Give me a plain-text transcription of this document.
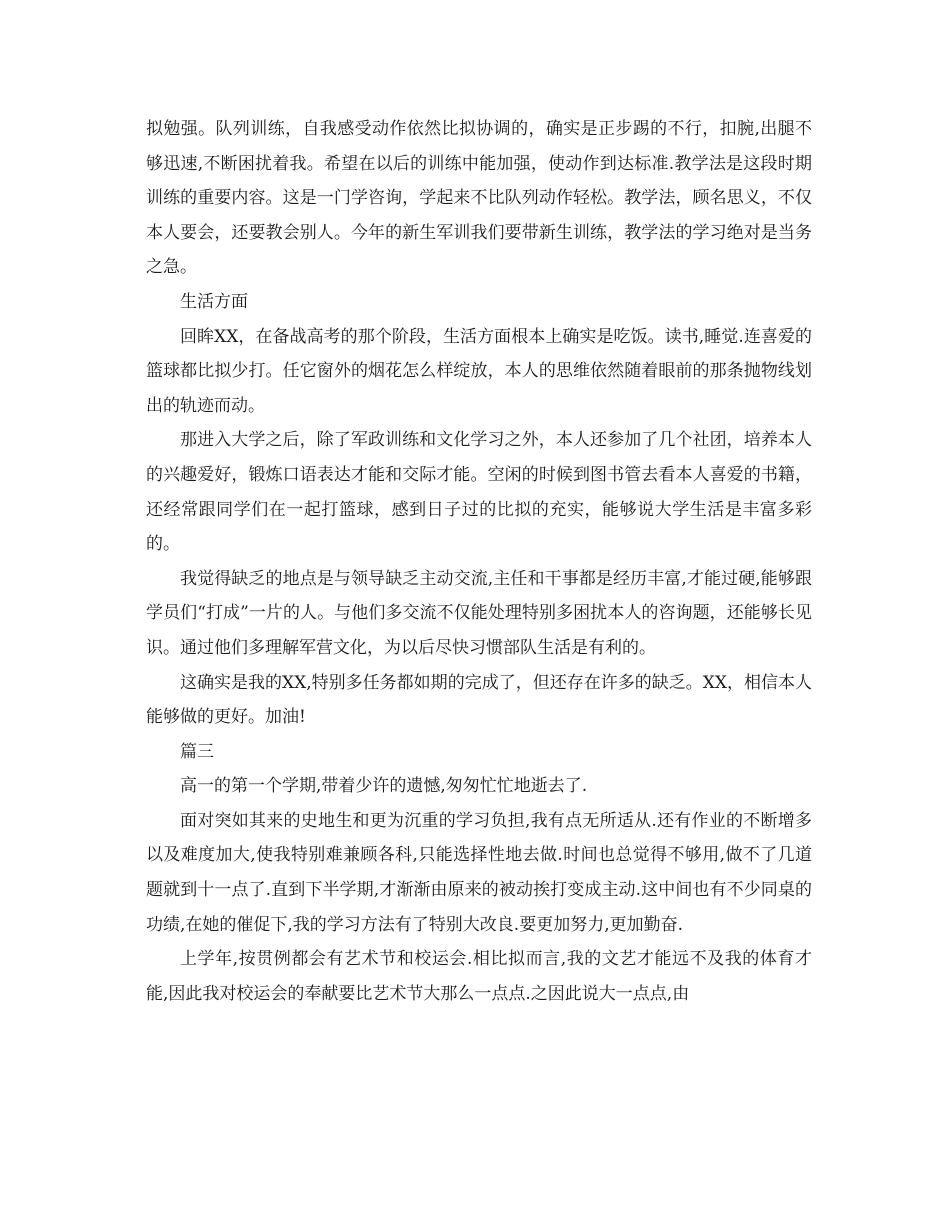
拟勉强。队列训练，自我感受动作依然比拟协调的，确实是正步踢的不行，扣腕,出腿不够迅速,不断困扰着我。希望在以后的训练中能加强，使动作到达标准.教学法是这段时期训练的重要内容。这是一门学咨询，学起来不比队列动作轻松。教学法，顾名思义，不仅本人要会，还要教会别人。今年的新生军训我们要带新生训练，教学法的学习绝对是当务之急。

生活方面

回眸XX，在备战高考的那个阶段，生活方面根本上确实是吃饭。读书,睡觉.连喜爱的篮球都比拟少打。任它窗外的烟花怎么样绽放，本人的思维依然随着眼前的那条抛物线划出的轨迹而动。

那进入大学之后，除了军政训练和文化学习之外，本人还参加了几个社团，培养本人的兴趣爱好，锻炼口语表达才能和交际才能。空闲的时候到图书管去看本人喜爱的书籍，还经常跟同学们在一起打篮球，感到日子过的比拟的充实，能够说大学生活是丰富多彩的。

我觉得缺乏的地点是与领导缺乏主动交流,主任和干事都是经历丰富,才能过硬,能够跟学员们“打成”一片的人。与他们多交流不仅能处理特别多困扰本人的咨询题，还能够长见识。通过他们多理解军营文化，为以后尽快习惯部队生活是有利的。

这确实是我的XX,特别多任务都如期的完成了，但还存在许多的缺乏。XX，相信本人能够做的更好。加油!

篇三

高一的第一个学期,带着少许的遗憾,匆匆忙忙地逝去了.

面对突如其来的史地生和更为沉重的学习负担,我有点无所适从.还有作业的不断增多以及难度加大,使我特别难兼顾各科,只能选择性地去做.时间也总觉得不够用,做不了几道题就到十一点了.直到下半学期,才渐渐由原来的被动挨打变成主动.这中间也有不少同桌的功绩,在她的催促下,我的学习方法有了特别大改良.要更加努力,更加勤奋.

上学年,按贯例都会有艺术节和校运会.相比拟而言,我的文艺才能远不及我的体育才能,因此我对校运会的奉献要比艺术节大那么一点点.之因此说大一点点,由
